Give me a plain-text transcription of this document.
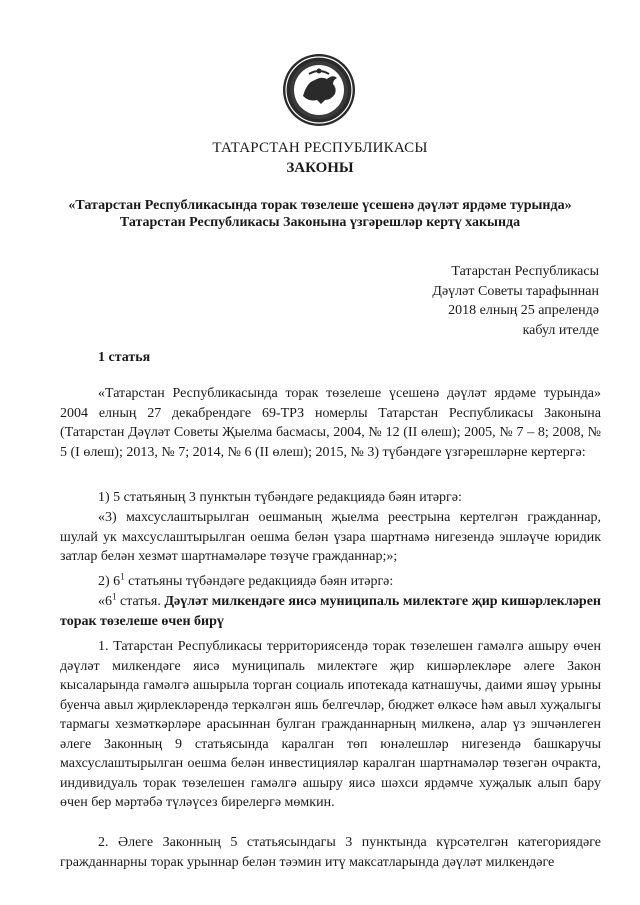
ТАТАРСТАН РЕСПУБЛИКАСЫ
ЗАКОНЫ
«Татарстан Республикасында торак төзелеше үсешенә дәүләт ярдәме турында»
Татарстан Республикасы Законына үзгәрешләр кертү хакында
Татарстан Республикасы
Дәүләт Советы тарафыннан
2018 елның 25 апрелендә
кабул ителде
1 статья

«Татарстан Республикасында торак төзелеше үсешенә дәүләт ярдәме турында» 2004 елның 27 декабрендәге 69-ТРЗ номерлы Татарстан Республикасы Законына (Татарстан Дәүләт Советы Җыелма басмасы, 2004, № 12 (II өлеш); 2005, № 7 – 8; 2008, № 5 (I өлеш); 2013, № 7; 2014, № 6 (II өлеш); 2015, № 3) түбәндәге үзгәрешләрне кертергә:

1) 5 статьяның 3 пунктын түбәндәге редакциядә бәян итәргә:

«3) махсуслаштырылган оешманың җыелма реестрына кертелгән гражданнар, шулай ук махсуслаштырылган оешма белән үзара шартнамә нигезендә эшләүче юридик затлар белән хезмәт шартнамәләре төзүче гражданнар;»;

2) $6^1$ статьяны түбәндәге редакциядә бәян итәргә:

«$6^1$ статья. Дәүләт милкендәге яисә муниципаль милектәге җир кишәрлекләрен торак төзелеше өчен бирү

1. Татарстан Республикасы территориясендә торак төзелешен гамәлгә ашыру өчен дәүләт милкендәге яисә муниципаль милектәге җир кишәрлекләре әлеге Закон кысаларында гамәлгә ашырыла торган социаль ипотекада катнашучы, даими яшәү урыны буенча авыл җирлекләрендә теркәлгән яшь белгечләр, бюджет өлкәсе һәм авыл хуҗалыгы тармагы хезмәткәрләре арасыннан булган гражданнарның милкенә, алар үз эшчәнлеген әлеге Законның 9 статьясында каралган төп юнәлешләр нигезендә башкаручы махсуслаштырылган оешма белән инвестицияләр каралган шартнамәләр төзегән очракта, индивидуаль торак төзелешен гамәлгә ашыру яисә шәхси ярдәмче хуҗалык алып бару өчен бер мәртәбә түләүсез бирелергә мөмкин.

2. Әлеге Законның 5 статьясындагы 3 пунктында күрсәтелгән категориядәге гражданнарны торак урыннар белән тәэмин итү максатларында дәүләт милкендәге
